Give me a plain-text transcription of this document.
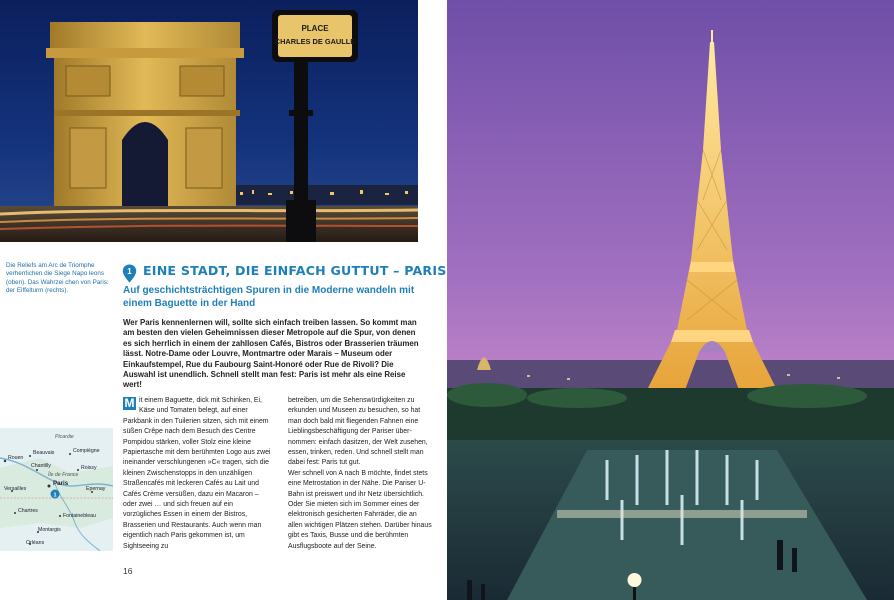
PLACE
CHARLES DE GAULLE
Die Reliefs am Arc de Triomphe verherrlichen die Siege Napo leons (oben). Das Wahrzei chen von Paris: der Eiffelturm (rechts).
1 EINE STADT, DIE EINFACH GUTTUT – PARIS
Auf geschichtsträchtigen Spuren in die Moderne wandeln mit einem Baguette in der Hand
Wer Paris kennenlernen will, sollte sich einfach treiben lassen. So kommt man am besten den vielen Geheimnissen dieser Metropole auf die Spur, von denen es sich herrlich in einem der zahllosen Cafés, Bistros oder Brasserien träumen lässt. Notre-Dame oder Louvre, Montmartre oder Marais – Museum oder Einkaufstempel, Rue du Faubourg Saint-Honoré oder Rue de Rivoli? Die Auswahl ist unendlich. Schnell stellt man fest: Paris ist mehr als eine Reise wert!
M it einem Baguette, dick mit Schinken, Ei, Käse und Tomaten belegt, auf einer Parkbank in den Tuilerien sitzen, sich mit einem süßen Crêpe nach dem Besuch des Centre Pompidou stärken, voller Stolz eine kleine Papiertasche mit dem berühmten Logo aus zwei ineinander verschlungenen »C« tragen, sich die kleinen Zwischenstopps in den unzähligen Straßencafés mit leckeren Cafés au Lait und Cafés Crème versüßen, dazu ein Macaron – oder zwei … und sich freuen auf ein vorzügliches Essen in einem der Bistros, Brasserien und Restaurants. Auch wenn man eigentlich nach Paris gekommen ist, um Sightseeing zu
betreiben, um die Sehenswürdigkeiten zu erkunden und Museen zu besuchen, so hat man doch bald mit fliegenden Fahnen eine Lieblingsbeschäftigung der Pariser übernommen: einfach dasitzen, der Welt zusehen, essen, trinken, reden. Und schnell stellt man dabei fest: Paris tut gut.
Wer schnell von A nach B möchte, findet stets eine Metrostation in der Nähe. Die Pariser U-Bahn ist preiswert und ihr Netz übersichtlich. Oder Sie mieten sich im Sommer eines der elektronisch gesicherten Fahrräder, die an allen wichtigen Plätzen stehen. Darüber hinaus gibt es Taxis, Busse und die berühmten Ausflugsboote auf der Seine.
16
1
Picardie
Rouen
Beauvais	Compiègne
Chantilly	Roissy
Île de France
Paris
Versailles
Chartres
Epernay
Fontainebleau
Montargis
Orléans
